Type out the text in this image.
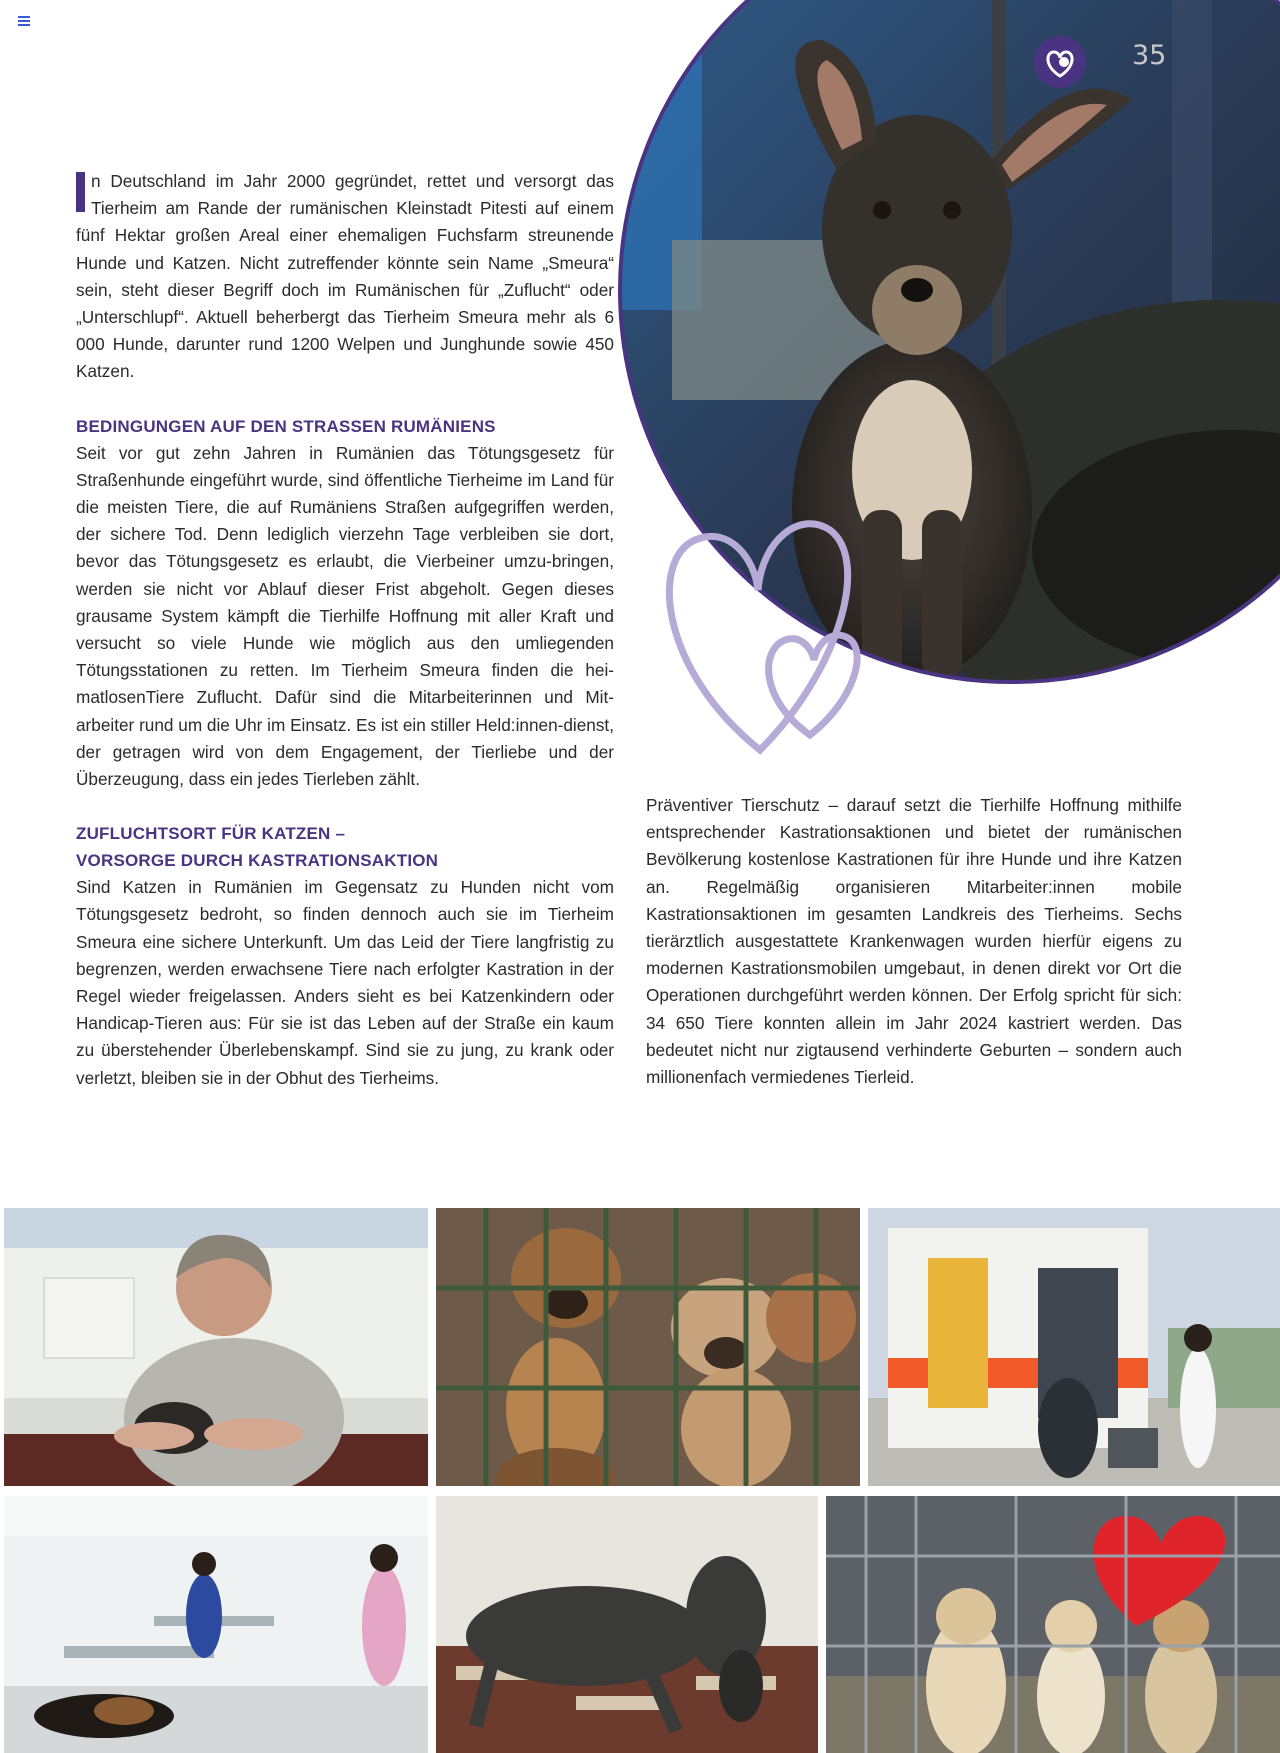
35

n Deutschland im Jahr 2000 gegründet, rettet und versorgt das Tierheim am Rande der rumänischen Kleinstadt Pitesti auf einem fünf Hektar großen Areal einer ehemaligen Fuchsfarm streunende Hunde und Katzen. Nicht zutreffender könnte sein Name „Smeura“ sein, steht dieser Begriff doch im Rumänischen für „Zuflucht“ oder „Unterschlupf“. Aktuell beherbergt das Tierheim Smeura mehr als 6 000 Hunde, darunter rund 1200 Welpen und Junghunde sowie 450 Katzen.

BEDINGUNGEN AUF DEN STRASSEN RUMÄNIENS

Seit vor gut zehn Jahren in Rumänien das Tötungsgesetz für Straßenhunde eingeführt wurde, sind öffentliche Tierheime im Land für die meisten Tiere, die auf Rumäniens Straßen aufgegriffen werden, der sichere Tod. Denn lediglich vierzehn Tage verbleiben sie dort, bevor das Tötungsgesetz es erlaubt, die Vierbeiner umzu-bringen, werden sie nicht vor Ablauf dieser Frist abgeholt. Gegen dieses grausame System kämpft die Tierhilfe Hoffnung mit aller Kraft und versucht so viele Hunde wie möglich aus den umliegenden Tötungsstationen zu retten. Im Tierheim Smeura finden die hei-matlosenTiere Zuflucht. Dafür sind die Mitarbeiterinnen und Mit-arbeiter rund um die Uhr im Einsatz. Es ist ein stiller Held:innen-dienst, der getragen wird von dem Engagement, der Tierliebe und der Überzeugung, dass ein jedes Tierleben zählt.

ZUFLUCHTSORT FÜR KATZEN –
VORSORGE DURCH KASTRATIONSAKTION

Sind Katzen in Rumänien im Gegensatz zu Hunden nicht vom Tötungsgesetz bedroht, so finden dennoch auch sie im Tierheim Smeura eine sichere Unterkunft. Um das Leid der Tiere langfristig zu begrenzen, werden erwachsene Tiere nach erfolgter Kastration in der Regel wieder freigelassen. Anders sieht es bei Katzenkindern oder Handicap-Tieren aus: Für sie ist das Leben auf der Straße ein kaum zu überstehender Überlebenskampf. Sind sie zu jung, zu krank oder verletzt, bleiben sie in der Obhut des Tierheims.

Präventiver Tierschutz – darauf setzt die Tierhilfe Hoffnung mithilfe entsprechender Kastrationsaktionen und bietet der rumänischen Bevölkerung kostenlose Kastrationen für ihre Hunde und ihre Katzen an. Regelmäßig organisieren Mitarbeiter:innen mobile Kastrationsaktionen im gesamten Landkreis des Tierheims. Sechs tierärztlich ausgestattete Krankenwagen wurden hierfür eigens zu modernen Kastrationsmobilen umgebaut, in denen direkt vor Ort die Operationen durchgeführt werden können. Der Erfolg spricht für sich: 34 650 Tiere konnten allein im Jahr 2024 kastriert werden. Das bedeutet nicht nur zigtausend verhinderte Geburten – sondern auch millionenfach vermiedenes Tierleid.
